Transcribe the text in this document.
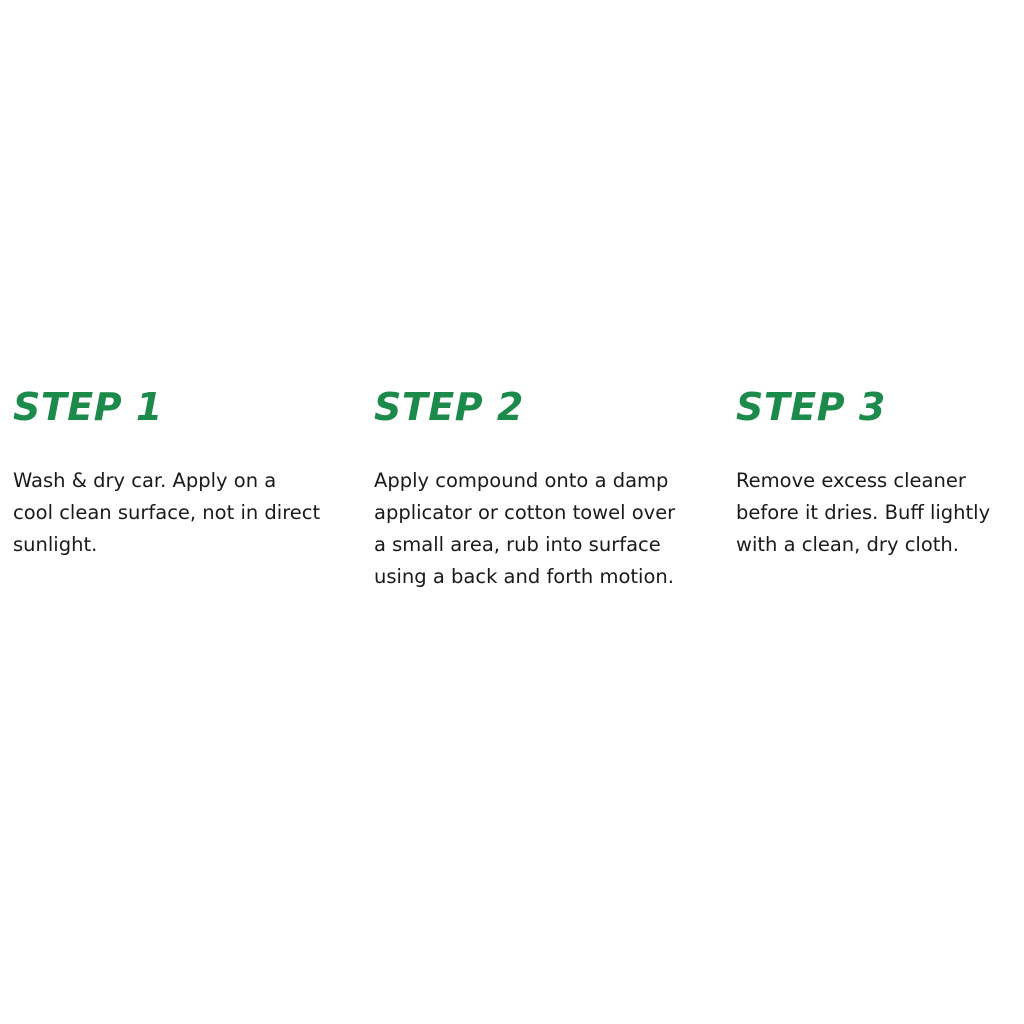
STEP 1

Wash & dry car. Apply on a cool clean surface, not in direct sunlight.

STEP 2

Apply compound onto a damp applicator or cotton towel over a small area, rub into surface using a back and forth motion.

STEP 3

Remove excess cleaner before it dries. Buff lightly with a clean, dry cloth.
